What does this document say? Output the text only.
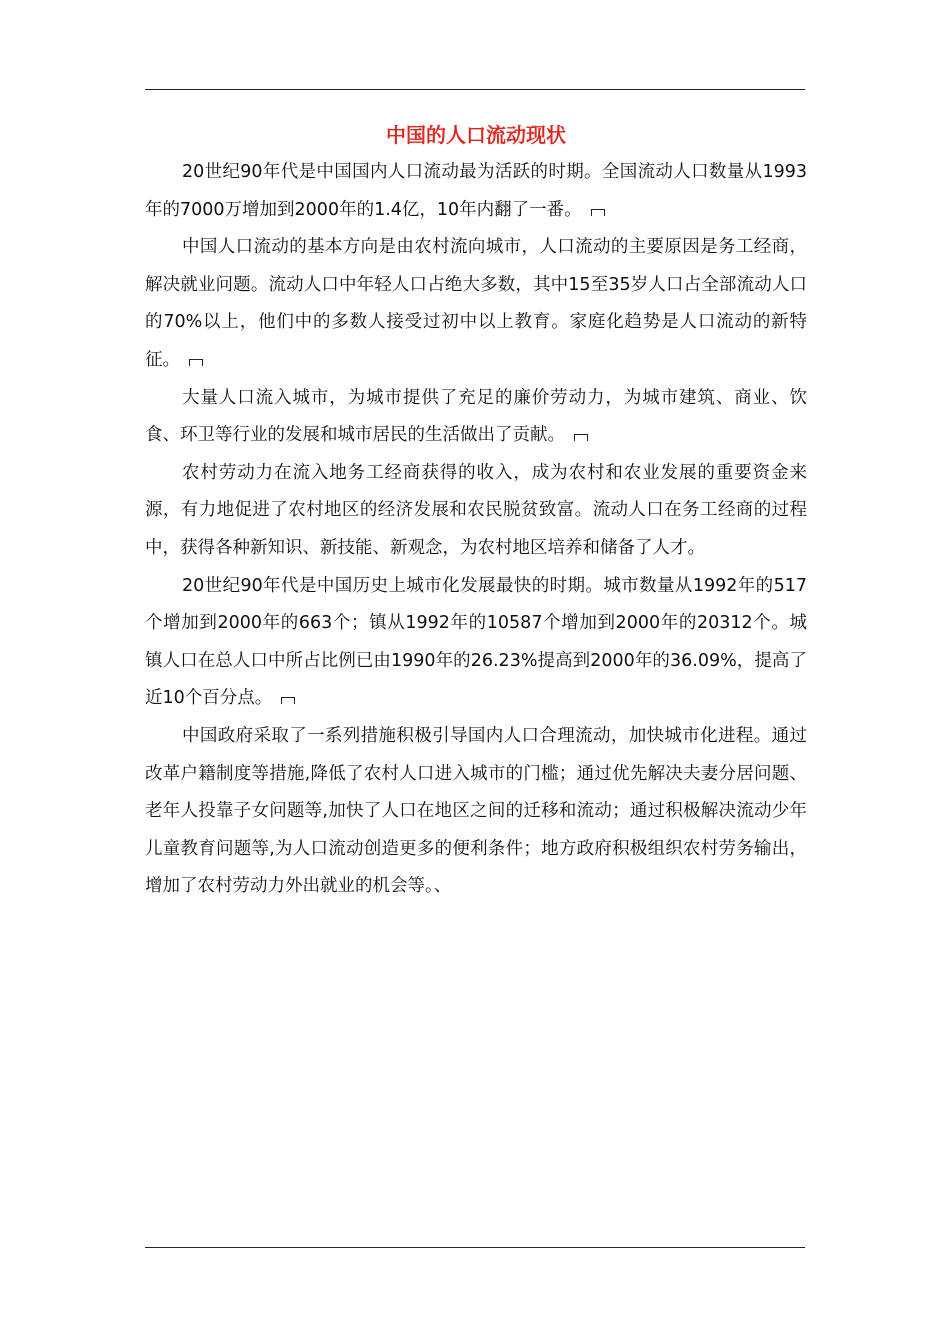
中国的人口流动现状

20世纪90年代是中国国内人口流动最为活跃的时期。全国流动人口数量从1993年的7000万增加到2000年的1.4亿，10年内翻了一番。

中国人口流动的基本方向是由农村流向城市，人口流动的主要原因是务工经商，解决就业问题。流动人口中年轻人口占绝大多数，其中15至35岁人口占全部流动人口的70%以上，他们中的多数人接受过初中以上教育。家庭化趋势是人口流动的新特征。

大量人口流入城市，为城市提供了充足的廉价劳动力，为城市建筑、商业、饮食、环卫等行业的发展和城市居民的生活做出了贡献。

农村劳动力在流入地务工经商获得的收入，成为农村和农业发展的重要资金来源，有力地促进了农村地区的经济发展和农民脱贫致富。流动人口在务工经商的过程中，获得各种新知识、新技能、新观念，为农村地区培养和储备了人才。

20世纪90年代是中国历史上城市化发展最快的时期。城市数量从1992年的517个增加到2000年的663个；镇从1992年的10587个增加到2000年的20312个。城镇人口在总人口中所占比例已由1990年的26.23%提高到2000年的36.09%，提高了近10个百分点。

中国政府采取了一系列措施积极引导国内人口合理流动，加快城市化进程。通过改革户籍制度等措施,降低了农村人口进入城市的门槛；通过优先解决夫妻分居问题、老年人投靠子女问题等,加快了人口在地区之间的迁移和流动；通过积极解决流动少年儿童教育问题等,为人口流动创造更多的便利条件；地方政府积极组织农村劳务输出，增加了农村劳动力外出就业的机会等。、
